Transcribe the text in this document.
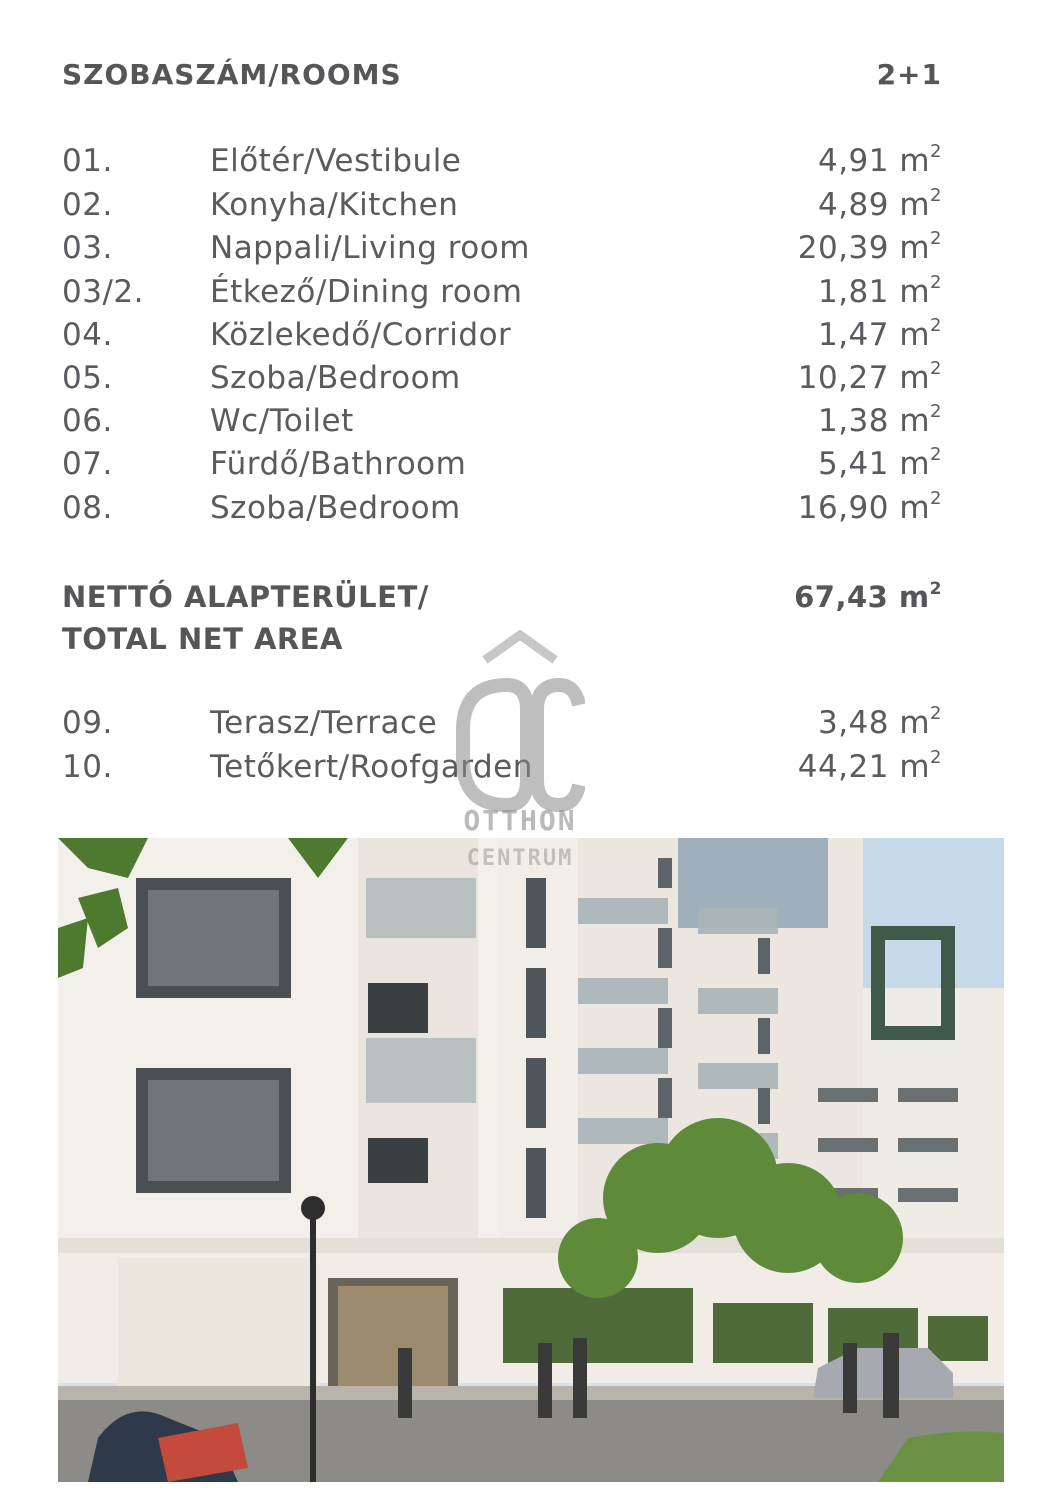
SZOBASZÁM/ROOMS	2+1
01.	Előtér/Vestibule	4,91 $m^2$
02.	Konyha/Kitchen	4,89 $m^2$
03.	Nappali/Living room	20,39 $m^2$
03/2. Étkező/Dining room	1,81 $m^2$
04.	Közlekedő/Corridor	1,47 $m^2$
05.	Szoba/Bedroom	10,27 $m^2$
06.	Wc/Toilet	1,38 $m^2$
07.	Fürdő/Bathroom	5,41 $m^2$
08.	Szoba/Bedroom	16,90 $m^2$
NETTÓ ALAPTERÜLET/
TOTAL NET AREA
67,43 $m^2$
09.	Terasz/Terrace	3,48 $m^2$
10.	Tetőkert/Roofgarden	44,21 $m^2$
OTTHON
CENTRUM
